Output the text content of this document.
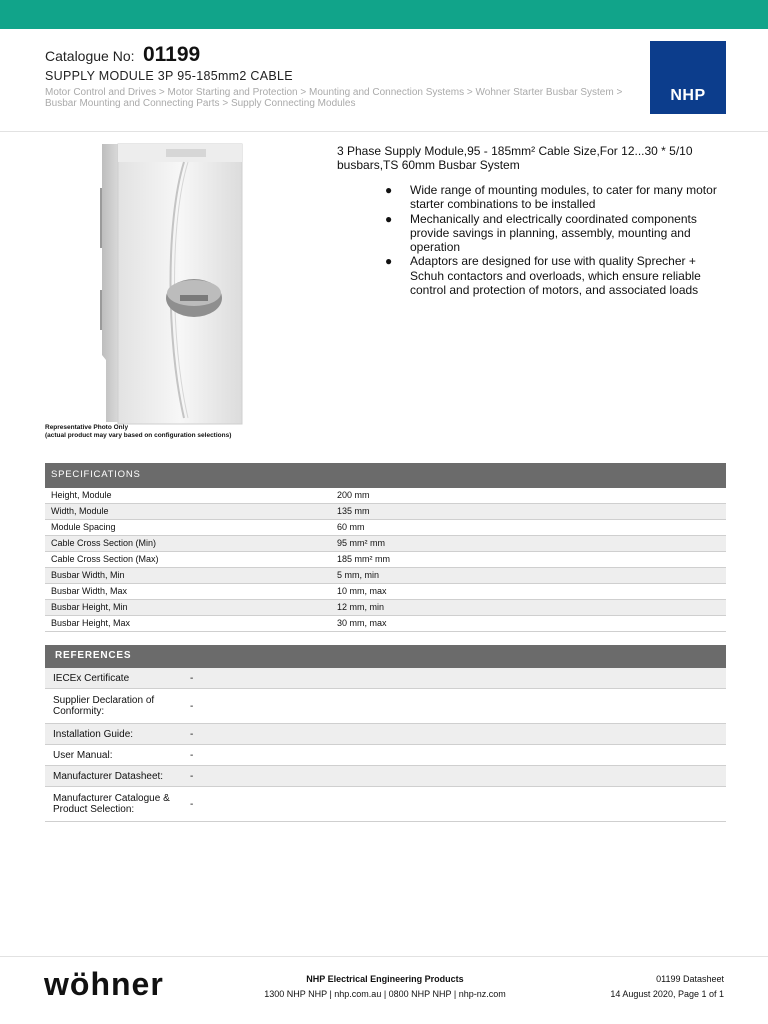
Catalogue No: 01199
SUPPLY MODULE 3P 95-185mm2 CABLE
Motor Control and Drives > Motor Starting and Protection > Mounting and Connection Systems > Wohner Starter Busbar System > Busbar Mounting and Connecting Parts > Supply Connecting Modules	NHP
Representative Photo Only
(actual product may vary based on configuration selections)
3 Phase Supply Module,95 - 185mm² Cable Size,For 12...30 * 5/10 busbars,TS 60mm Busbar System
● Wide range of mounting modules, to cater for many motor starter combinations to be installed
● Mechanically and electrically coordinated components provide savings in planning, assembly, mounting and operation
● Adaptors are designed for use with quality Sprecher + Schuh contactors and overloads, which ensure reliable control and protection of motors, and associated loads
SPECIFICATIONS
Height, Module	200 mm
Width, Module	135 mm
Module Spacing	60 mm
Cable Cross Section (Min)	95 mm² mm
Cable Cross Section (Max)	185 mm² mm
Busbar Width, Min	5 mm, min
Busbar Width, Max	10 mm, max
Busbar Height, Min	12 mm, min
Busbar Height, Max	30 mm, max
REFERENCES
IECEx Certificate	-
Supplier Declaration of Conformity:	-
Installation Guide:	-
User Manual:	-
Manufacturer Datasheet:	-
Manufacturer Catalogue & Product Selection:	-
wöhner	NHP Electrical Engineering Products
1300 NHP NHP | nhp.com.au | 0800 NHP NHP | nhp-nz.com
01199 Datasheet
14 August 2020, Page 1 of 1
